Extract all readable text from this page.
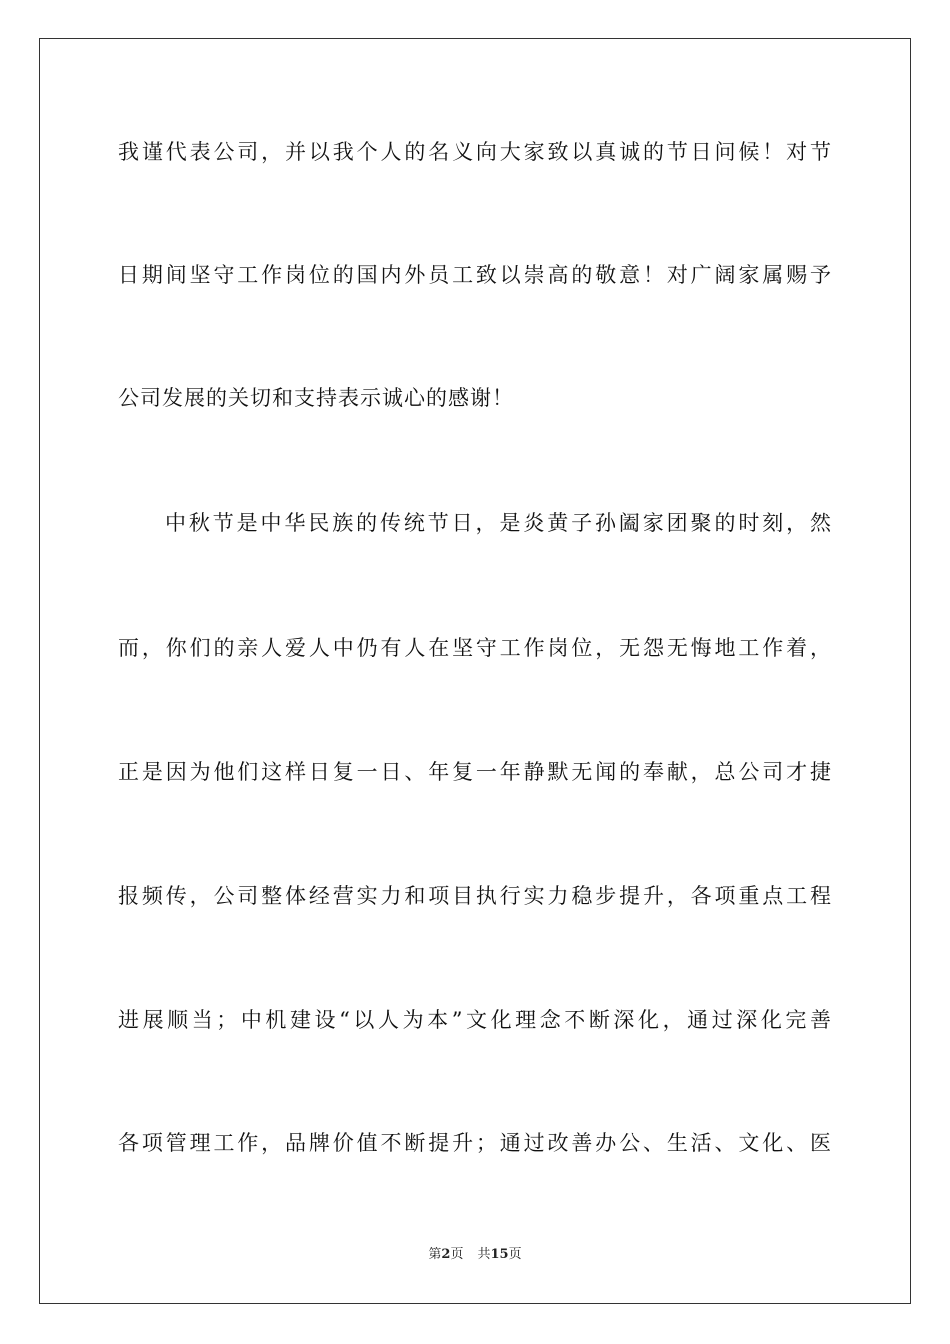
我谨代表公司，并以我个人的名义向大家致以真诚的节日问候！对节
日期间坚守工作岗位的国内外员工致以崇高的敬意！对广阔家属赐予
公司发展的关切和支持表示诚心的感谢！
中秋节是中华民族的传统节日，是炎黄子孙阖家团聚的时刻，然
而，你们的亲人爱人中仍有人在坚守工作岗位，无怨无悔地工作着，
正是因为他们这样日复一日、年复一年静默无闻的奉献，总公司才捷
报频传，公司整体经营实力和项目执行实力稳步提升，各项重点工程
进展顺当；中机建设“以人为本”文化理念不断深化，通过深化完善
各项管理工作，品牌价值不断提升；通过改善办公、生活、文化、医
第2页 共15页
